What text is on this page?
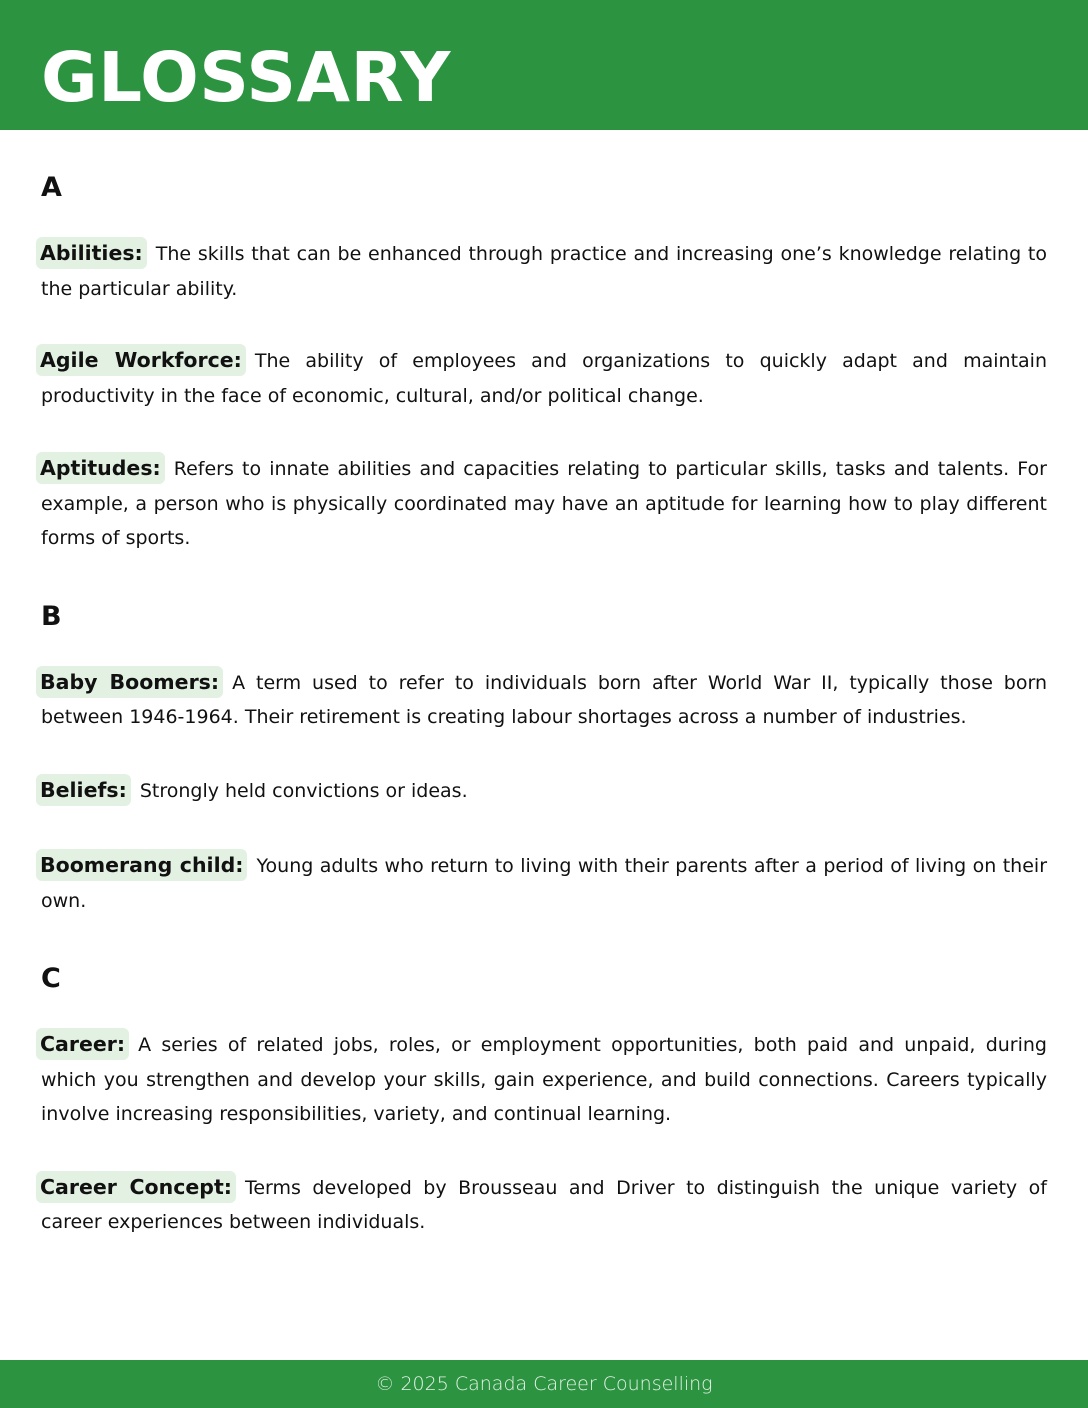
GLOSSARY
A

Abilities: The skills that can be enhanced through practice and increasing one’s knowledge relating to the particular ability.

Agile Workforce: The ability of employees and organizations to quickly adapt and maintain productivity in the face of economic, cultural, and/or political change.

Aptitudes: Refers to innate abilities and capacities relating to particular skills, tasks and talents. For example, a person who is physically coordinated may have an aptitude for learning how to play different forms of sports.

B

Baby Boomers: A term used to refer to individuals born after World War II, typically those born between 1946-1964. Their retirement is creating labour shortages across a number of industries.

Beliefs: Strongly held convictions or ideas.

Boomerang child: Young adults who return to living with their parents after a period of living on their own.

C

Career: A series of related jobs, roles, or employment opportunities, both paid and unpaid, during which you strengthen and develop your skills, gain experience, and build connections. Careers typically involve increasing responsibilities, variety, and continual learning.

Career Concept: Terms developed by Brousseau and Driver to distinguish the unique variety of career experiences between individuals.

© 2025 Canada Career Counselling
